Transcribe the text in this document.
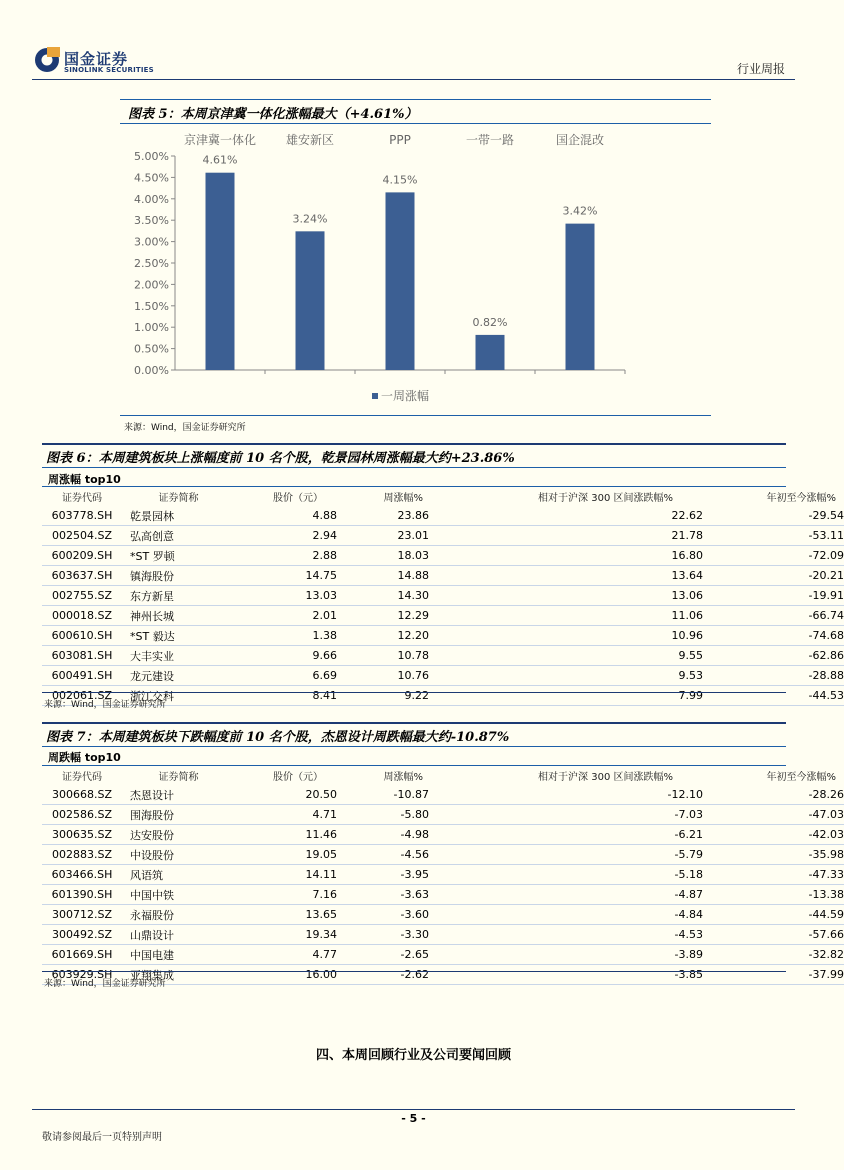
国金证券
SINOLINK SECURITIES	行业周报
图表 5：本周京津冀一体化涨幅最大（+4.61%）
0.00%
0.50%
1.00%
1.50%
2.00%
2.50%
3.00%
3.50%
4.00%
4.50%
5.00%	4.61%
京津冀一体化
3.24%
雄安新区
4.15%
PPP
0.82%
一带一路
3.42%
国企混改
一周涨幅
来源：Wind，国金证券研究所
图表 6：本周建筑板块上涨幅度前 10 名个股，乾景园林周涨幅最大约+23.86%
周涨幅 top10
证券代码	证券简称	股价（元）	周涨幅%	相对于沪深 300 区间涨跌幅%	年初至今涨幅%
603778.SH	乾景园林	4.88	23.86	22.62	-29.54
002504.SZ	弘高创意	2.94	23.01	21.78	-53.11
600209.SH	*ST 罗顿	2.88	18.03	16.80	-72.09
603637.SH	镇海股份	14.75	14.88	13.64	-20.21
002755.SZ	东方新星	13.03	14.30	13.06	-19.91
000018.SZ	神州长城	2.01	12.29	11.06	-66.74
600610.SH	*ST 毅达	1.38	12.20	10.96	-74.68
603081.SH	大丰实业	9.66	10.78	9.55	-62.86
600491.SH	龙元建设	6.69	10.76	9.53	-28.88
002061.SZ	浙江交科	8.41	9.22	7.99	-44.53
来源：Wind，国金证券研究所
图表 7：本周建筑板块下跌幅度前 10 名个股，杰恩设计周跌幅最大约-10.87%
周跌幅 top10
证券代码	证券简称	股价（元）	周涨幅%	相对于沪深 300 区间涨跌幅%	年初至今涨幅%
300668.SZ	杰恩设计	20.50	-10.87	-12.10	-28.26
002586.SZ	围海股份	4.71	-5.80	-7.03	-47.03
300635.SZ	达安股份	11.46	-4.98	-6.21	-42.03
002883.SZ	中设股份	19.05	-4.56	-5.79	-35.98
603466.SH	风语筑	14.11	-3.95	-5.18	-47.33
601390.SH	中国中铁	7.16	-3.63	-4.87	-13.38
300712.SZ	永福股份	13.65	-3.60	-4.84	-44.59
300492.SZ	山鼎设计	19.34	-3.30	-4.53	-57.66
601669.SH	中国电建	4.77	-2.65	-3.89	-32.82
603929.SH	亚翔集成	16.00	-2.62	-3.85	-37.99
来源：Wind，国金证券研究所
四、本周回顾行业及公司要闻回顾
- 5 -
敬请参阅最后一页特别声明
